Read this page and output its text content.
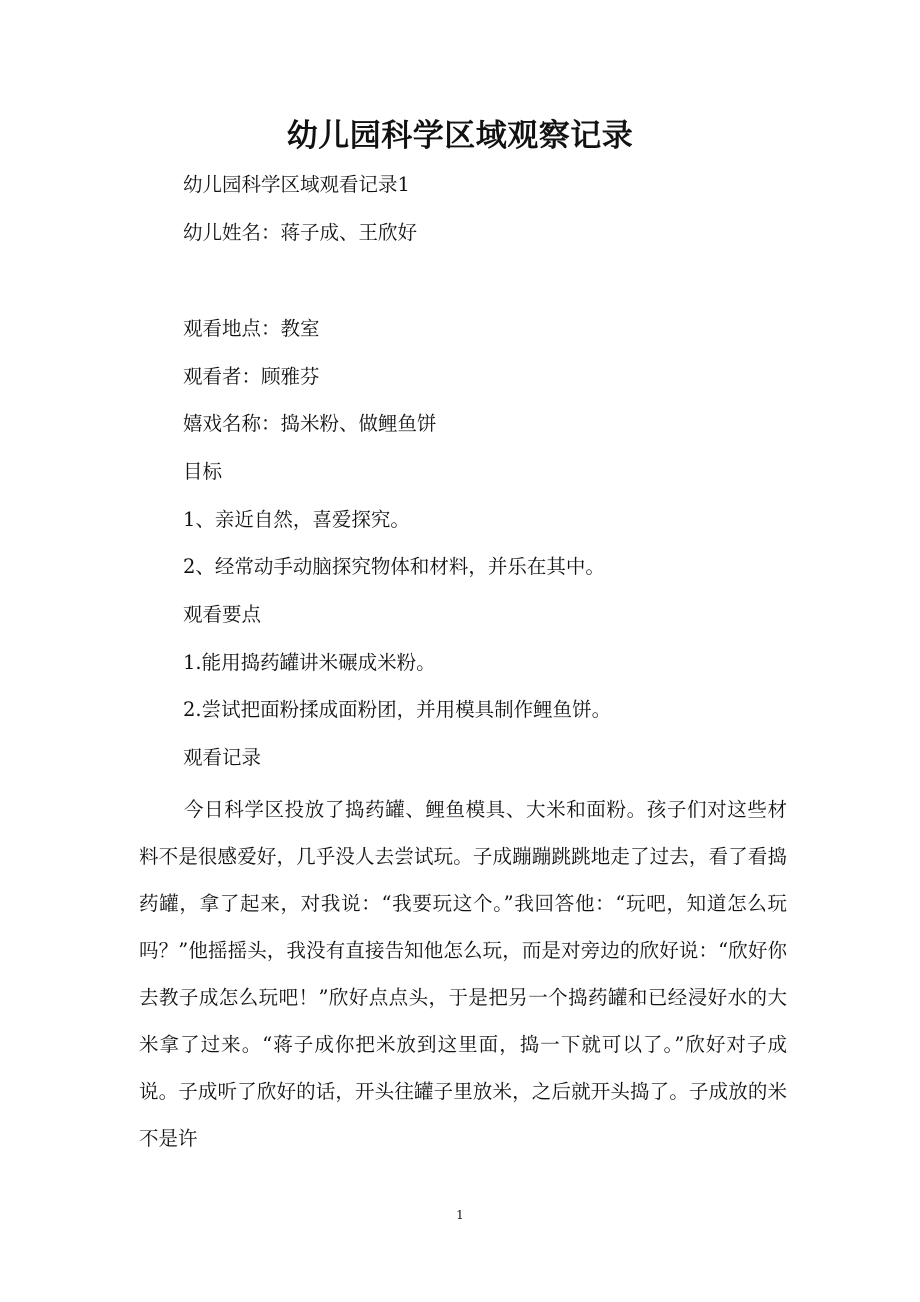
幼儿园科学区域观察记录
幼儿园科学区域观看记录1
幼儿姓名：蒋子成、王欣好
观看地点：教室
观看者：顾雅芬
嬉戏名称：捣米粉、做鲤鱼饼
目标
1、亲近自然，喜爱探究。
2、经常动手动脑探究物体和材料，并乐在其中。
观看要点
1.能用捣药罐讲米碾成米粉。
2.尝试把面粉揉成面粉团，并用模具制作鲤鱼饼。
观看记录
今日科学区投放了捣药罐、鲤鱼模具、大米和面粉。孩子们对这些材料不是很感爱好，几乎没人去尝试玩。子成蹦蹦跳跳地走了过去，看了看捣药罐，拿了起来，对我说：“我要玩这个。”我回答他：“玩吧，知道怎么玩吗？”他摇摇头，我没有直接告知他怎么玩，而是对旁边的欣好说：“欣好你去教子成怎么玩吧！”欣好点点头，于是把另一个捣药罐和已经浸好水的大米拿了过来。“蒋子成你把米放到这里面，捣一下就可以了。”欣好对子成说。子成听了欣好的话，开头往罐子里放米，之后就开头捣了。子成放的米不是许
1
